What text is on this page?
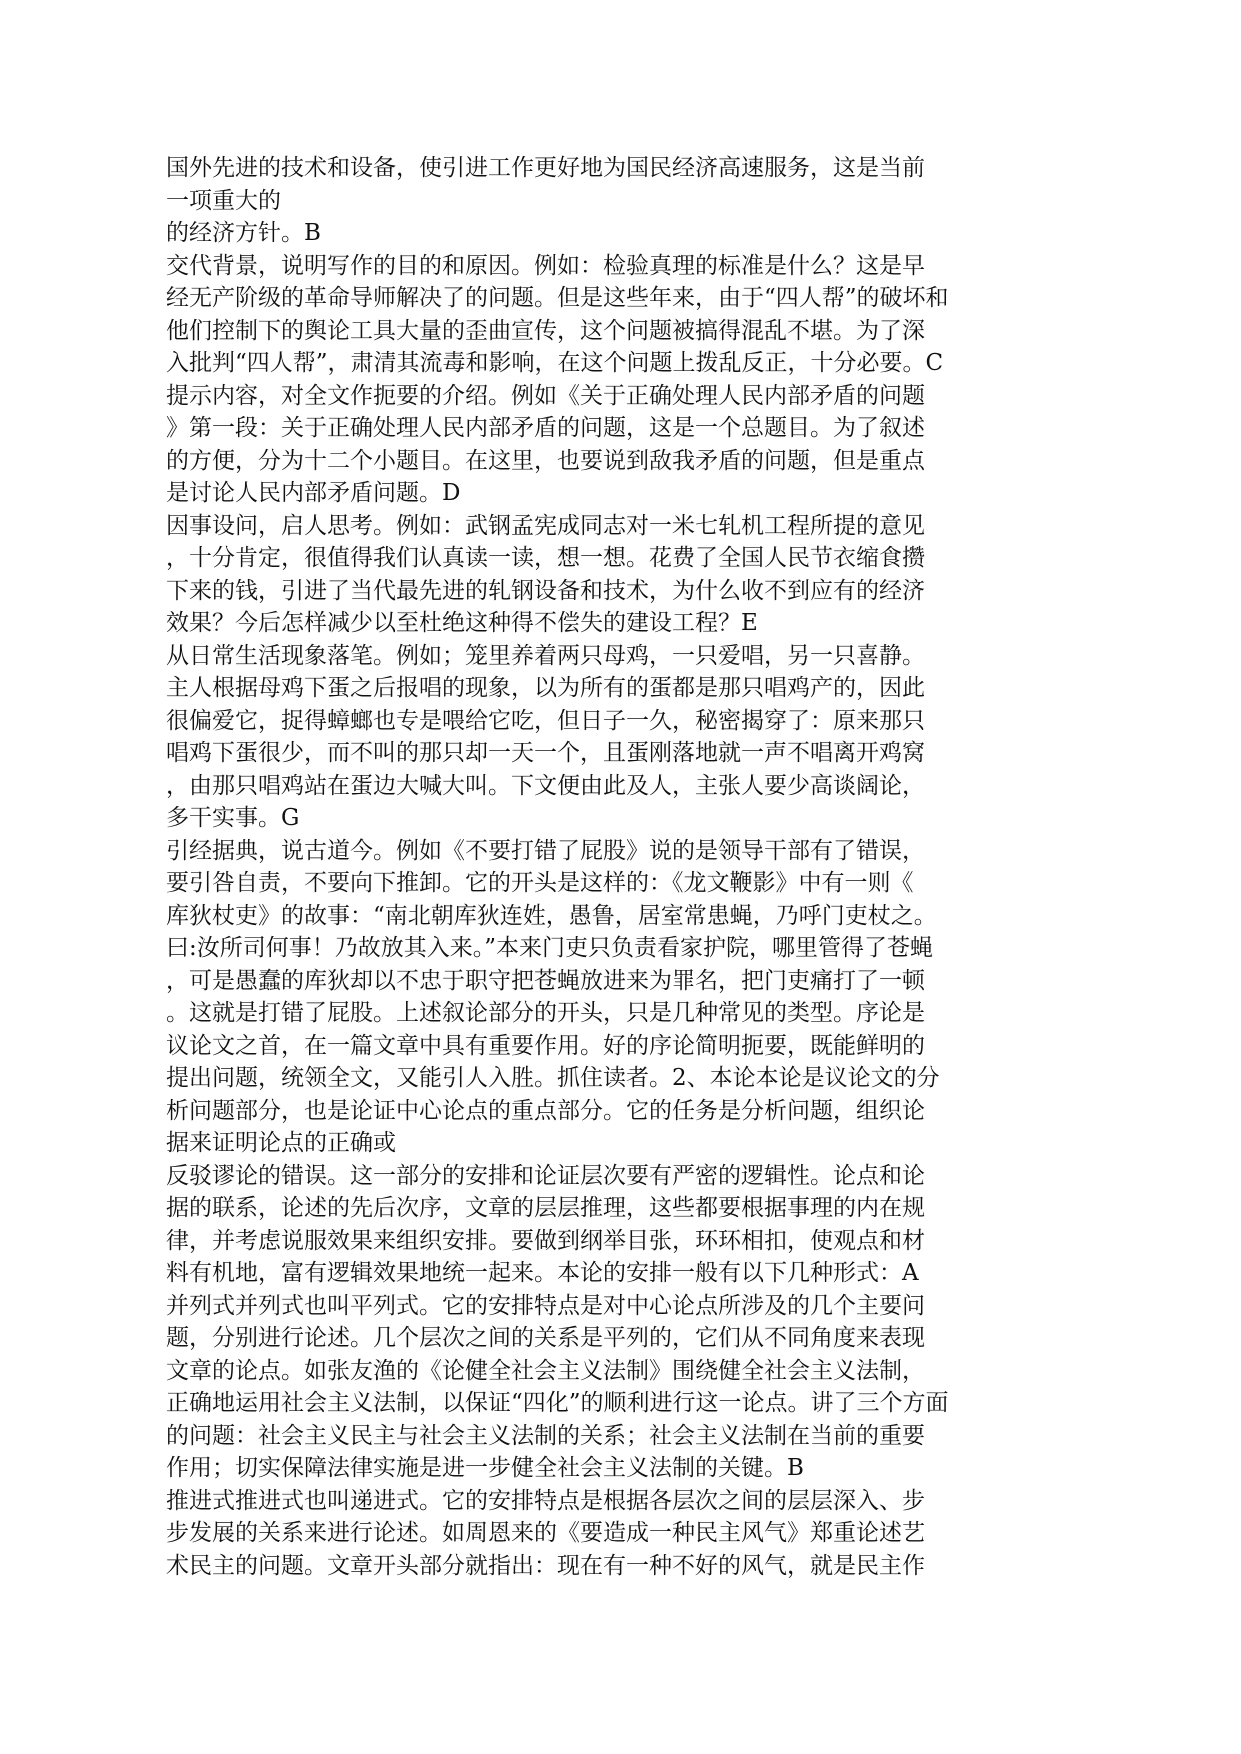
国外先进的技术和设备，使引进工作更好地为国民经济高速服务，这是当前
一项重大的
的经济方针。B
交代背景，说明写作的目的和原因。例如：检验真理的标准是什么？这是早
经无产阶级的革命导师解决了的问题。但是这些年来，由于“四人帮”的破坏和
他们控制下的舆论工具大量的歪曲宣传，这个问题被搞得混乱不堪。为了深
入批判“四人帮”，肃清其流毒和影响，在这个问题上拨乱反正，十分必要。C
提示内容，对全文作扼要的介绍。例如《关于正确处理人民内部矛盾的问题
》第一段：关于正确处理人民内部矛盾的问题，这是一个总题目。为了叙述
的方便，分为十二个小题目。在这里，也要说到敌我矛盾的问题，但是重点
是讨论人民内部矛盾问题。D
因事设问，启人思考。例如：武钢孟宪成同志对一米七轧机工程所提的意见
，十分肯定，很值得我们认真读一读，想一想。花费了全国人民节衣缩食攒
下来的钱，引进了当代最先进的轧钢设备和技术，为什么收不到应有的经济
效果？今后怎样减少以至杜绝这种得不偿失的建设工程？E
从日常生活现象落笔。例如；笼里养着两只母鸡，一只爱唱，另一只喜静。
主人根据母鸡下蛋之后报唱的现象，以为所有的蛋都是那只唱鸡产的，因此
很偏爱它，捉得蟑螂也专是喂给它吃，但日子一久，秘密揭穿了：原来那只
唱鸡下蛋很少，而不叫的那只却一天一个，且蛋刚落地就一声不唱离开鸡窝
，由那只唱鸡站在蛋边大喊大叫。下文便由此及人，主张人要少高谈阔论，
多干实事。G
引经据典，说古道今。例如《不要打错了屁股》说的是领导干部有了错误，
要引咎自责，不要向下推卸。它的开头是这样的：《龙文鞭影》中有一则《
库狄杖吏》的故事：“南北朝库狄连姓，愚鲁，居室常患蝇，乃呼门吏杖之。
曰:汝所司何事！乃故放其入来。”本来门吏只负责看家护院，哪里管得了苍蝇
，可是愚蠢的库狄却以不忠于职守把苍蝇放进来为罪名，把门吏痛打了一顿
。这就是打错了屁股。上述叙论部分的开头，只是几种常见的类型。序论是
议论文之首，在一篇文章中具有重要作用。好的序论简明扼要，既能鲜明的
提出问题，统领全文，又能引人入胜。抓住读者。2、本论本论是议论文的分
析问题部分，也是论证中心论点的重点部分。它的任务是分析问题，组织论
据来证明论点的正确或
反驳谬论的错误。这一部分的安排和论证层次要有严密的逻辑性。论点和论
据的联系，论述的先后次序，文章的层层推理，这些都要根据事理的内在规
律，并考虑说服效果来组织安排。要做到纲举目张，环环相扣，使观点和材
料有机地，富有逻辑效果地统一起来。本论的安排一般有以下几种形式：A
并列式并列式也叫平列式。它的安排特点是对中心论点所涉及的几个主要问
题，分别进行论述。几个层次之间的关系是平列的，它们从不同角度来表现
文章的论点。如张友渔的《论健全社会主义法制》围绕健全社会主义法制，
正确地运用社会主义法制，以保证“四化”的顺利进行这一论点。讲了三个方面
的问题：社会主义民主与社会主义法制的关系；社会主义法制在当前的重要
作用；切实保障法律实施是进一步健全社会主义法制的关键。B
推进式推进式也叫递进式。它的安排特点是根据各层次之间的层层深入、步
步发展的关系来进行论述。如周恩来的《要造成一种民主风气》郑重论述艺
术民主的问题。文章开头部分就指出：现在有一种不好的风气，就是民主作
